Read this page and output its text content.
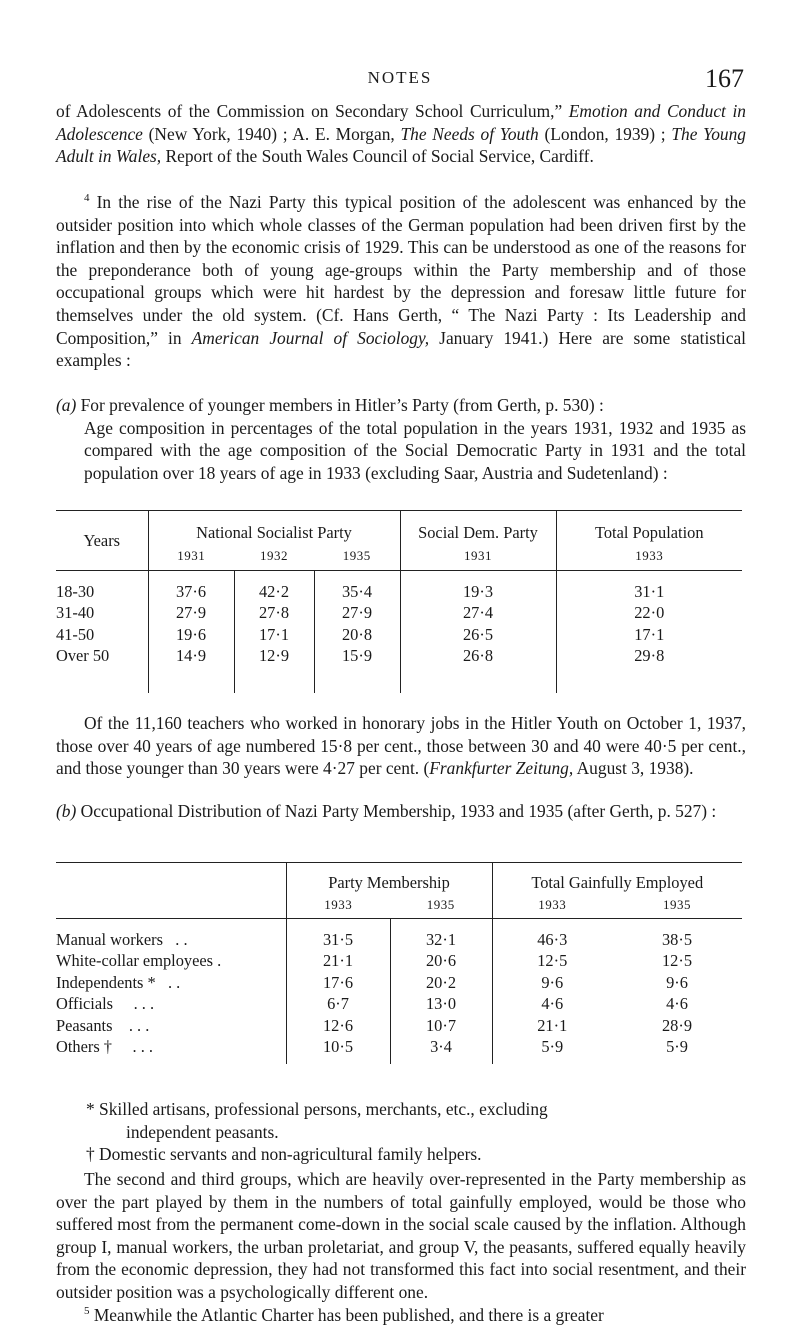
NOTES	167

of Adolescents of the Commission on Secondary School Curriculum,” Emotion and Conduct in Adolescence (New York, 1940) ; A. E. Morgan, The Needs of Youth (London, 1939) ; The Young Adult in Wales, Report of the South Wales Council of Social Service, Cardiff.

$^4$ In the rise of the Nazi Party this typical position of the adolescent was enhanced by the outsider position into which whole classes of the German population had been driven first by the inflation and then by the economic crisis of 1929. This can be understood as one of the reasons for the preponderance both of young age-groups within the Party membership and of those occupational groups which were hit hardest by the depression and foresaw little future for themselves under the old system. (Cf. Hans Gerth, “ The Nazi Party : Its Leadership and Composition,” in American Journal of Sociology, January 1941.) Here are some statistical examples :

(a) For prevalence of younger members in Hitler’s Party (from Gerth, p. 530) :

Age composition in percentages of the total population in the years 1931, 1932 and 1935 as compared with the age composition of the Social Democratic Party in 1931 and the total population over 18 years of age in 1933 (excluding Saar, Austria and Sudetenland) :

Years	National Socialist Party			Social Dem. Party	Total Population
	1931	1932	1935	1931	1933

18-30	37·6	42·2	35·4	19·3	31·1
31-40	27·9	27·8	27·9	27·4	22·0
41-50	19·6	17·1	20·8	26·5	17·1
Over 50	14·9	12·9	15·9	26·8	29·8

Of the 11,160 teachers who worked in honorary jobs in the Hitler Youth on October 1, 1937, those over 40 years of age numbered 15·8 per cent., those between 30 and 40 were 40·5 per cent., and those younger than 30 years were 4·27 per cent. (Frankfurter Zeitung, August 3, 1938).

(b) Occupational Distribution of Nazi Party Membership, 1933 and 1935 (after Gerth, p. 527) :

	Party Membership		Total Gainfully Employed	
	1933	1935	1933	1935

Manual workers . .	31·5	32·1	46·3	38·5
White-collar employees .	21·1	20·6	12·5	12·5
Independents * . .	17·6	20·2	9·6	9·6
Officials . . .	6·7	13·0	4·6	4·6
Peasants . . .	12·6	10·7	21·1	28·9
Others † . . .	10·5	3·4	5·9	5·9

* Skilled artisans, professional persons, merchants, etc., excluding

independent peasants.

† Domestic servants and non-agricultural family helpers.

The second and third groups, which are heavily over-represented in the Party membership as over the part played by them in the numbers of total gainfully employed, would be those who suffered most from the permanent come-down in the social scale caused by the inflation. Although group I, manual workers, the urban proletariat, and group V, the peasants, suffered equally heavily from the economic depression, they had not transformed this fact into social resentment, and their outsider position was a psychologically different one.

$^5$ Meanwhile the Atlantic Charter has been published, and there is a greater
